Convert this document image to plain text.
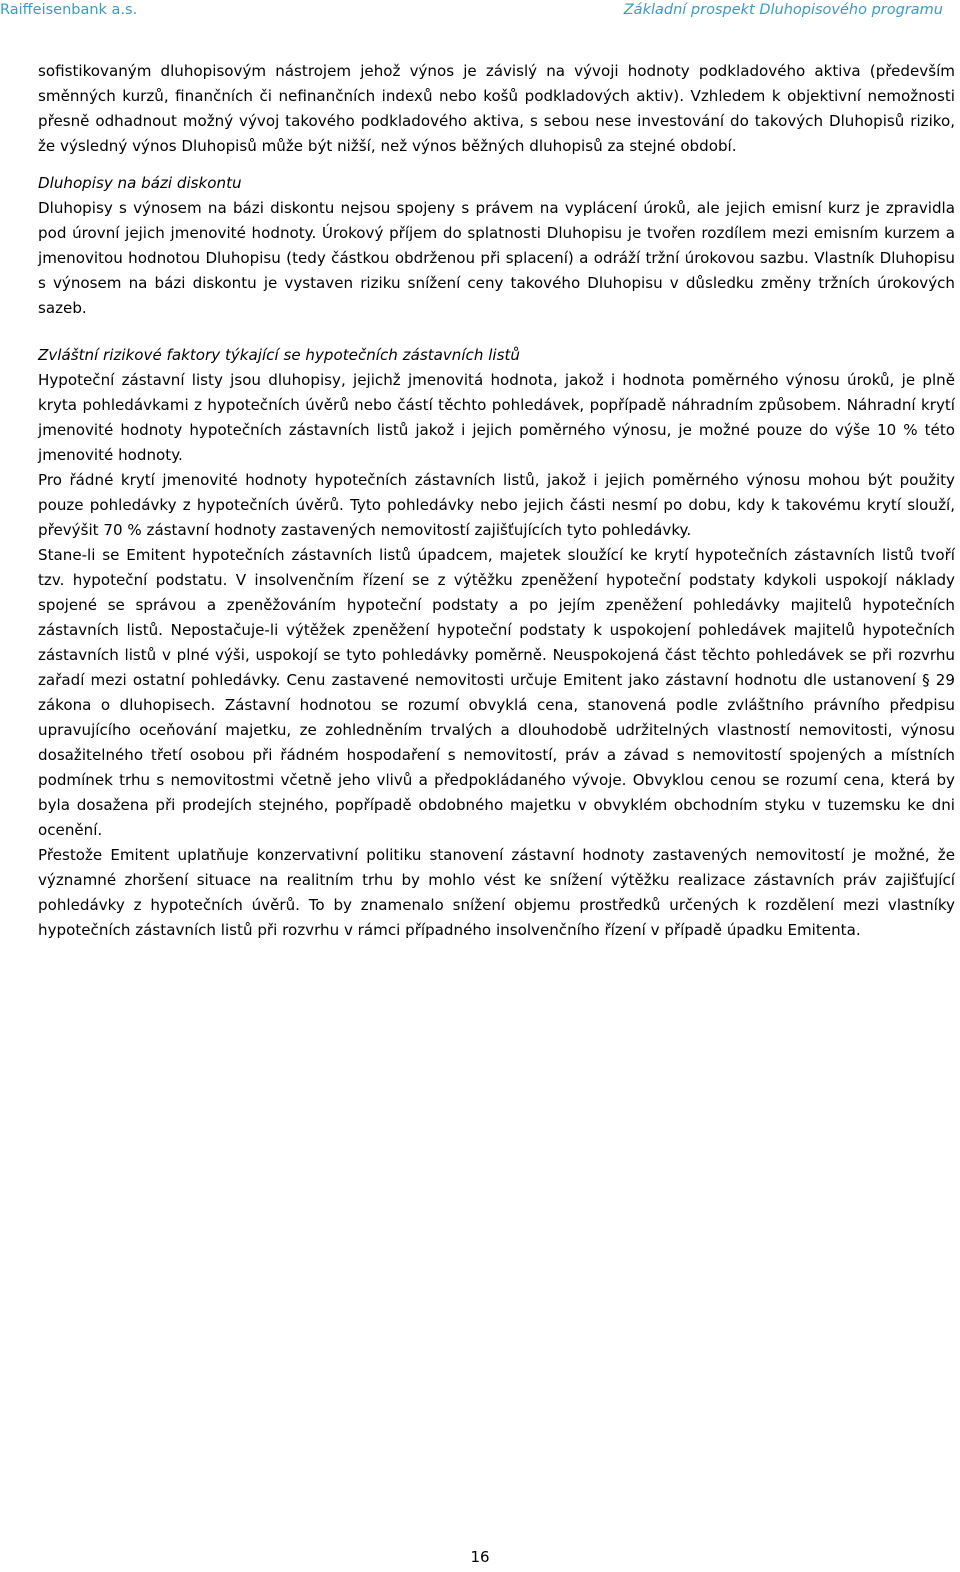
Raiffeisenbank a.s.	Základní prospekt Dluhopisového programu

sofistikovaným dluhopisovým nástrojem jehož výnos je závislý na vývoji hodnoty podkladového aktiva (především směnných kurzů, finančních či nefinančních indexů nebo košů podkladových aktiv). Vzhledem k objektivní nemožnosti přesně odhadnout možný vývoj takového podkladového aktiva, s sebou nese investování do takových Dluhopisů riziko, že výsledný výnos Dluhopisů může být nižší, než výnos běžných dluhopisů za stejné období.

Dluhopisy na bázi diskontu

Dluhopisy s výnosem na bázi diskontu nejsou spojeny s právem na vyplácení úroků, ale jejich emisní kurz je zpravidla pod úrovní jejich jmenovité hodnoty. Úrokový příjem do splatnosti Dluhopisu je tvořen rozdílem mezi emisním kurzem a jmenovitou hodnotou Dluhopisu (tedy částkou obdrženou při splacení) a odráží tržní úrokovou sazbu. Vlastník Dluhopisu s výnosem na bázi diskontu je vystaven riziku snížení ceny takového Dluhopisu v důsledku změny tržních úrokových sazeb.

Zvláštní rizikové faktory týkající se hypotečních zástavních listů

Hypoteční zástavní listy jsou dluhopisy, jejichž jmenovitá hodnota, jakož i hodnota poměrného výnosu úroků, je plně kryta pohledávkami z hypotečních úvěrů nebo částí těchto pohledávek, popřípadě náhradním způsobem. Náhradní krytí jmenovité hodnoty hypotečních zástavních listů jakož i jejich poměrného výnosu, je možné pouze do výše 10 % této jmenovité hodnoty.

Pro řádné krytí jmenovité hodnoty hypotečních zástavních listů, jakož i jejich poměrného výnosu mohou být použity pouze pohledávky z hypotečních úvěrů. Tyto pohledávky nebo jejich části nesmí po dobu, kdy k takovému krytí slouží, převýšit 70 % zástavní hodnoty zastavených nemovitostí zajišťujících tyto pohledávky.

Stane-li se Emitent hypotečních zástavních listů úpadcem, majetek sloužící ke krytí hypotečních zástavních listů tvoří tzv. hypoteční podstatu. V insolvenčním řízení se z výtěžku zpeněžení hypoteční podstaty kdykoli uspokojí náklady spojené se správou a zpeněžováním hypoteční podstaty a po jejím zpeněžení pohledávky majitelů hypotečních zástavních listů. Nepostačuje-li výtěžek zpeněžení hypoteční podstaty k uspokojení pohledávek majitelů hypotečních zástavních listů v plné výši, uspokojí se tyto pohledávky poměrně. Neuspokojená část těchto pohledávek se při rozvrhu zařadí mezi ostatní pohledávky. Cenu zastavené nemovitosti určuje Emitent jako zástavní hodnotu dle ustanovení § 29 zákona o dluhopisech. Zástavní hodnotou se rozumí obvyklá cena, stanovená podle zvláštního právního předpisu upravujícího oceňování majetku, ze zohledněním trvalých a dlouhodobě udržitelných vlastností nemovitosti, výnosu dosažitelného třetí osobou při řádném hospodaření s nemovitostí, práv a závad s nemovitostí spojených a místních podmínek trhu s nemovitostmi včetně jeho vlivů a předpokládaného vývoje. Obvyklou cenou se rozumí cena, která by byla dosažena při prodejích stejného, popřípadě obdobného majetku v obvyklém obchodním styku v tuzemsku ke dni ocenění.

Přestože Emitent uplatňuje konzervativní politiku stanovení zástavní hodnoty zastavených nemovitostí je možné, že významné zhoršení situace na realitním trhu by mohlo vést ke snížení výtěžku realizace zástavních práv zajišťující pohledávky z hypotečních úvěrů. To by znamenalo snížení objemu prostředků určených k rozdělení mezi vlastníky hypotečních zástavních listů při rozvrhu v rámci případného insolvenčního řízení v případě úpadku Emitenta.

16
